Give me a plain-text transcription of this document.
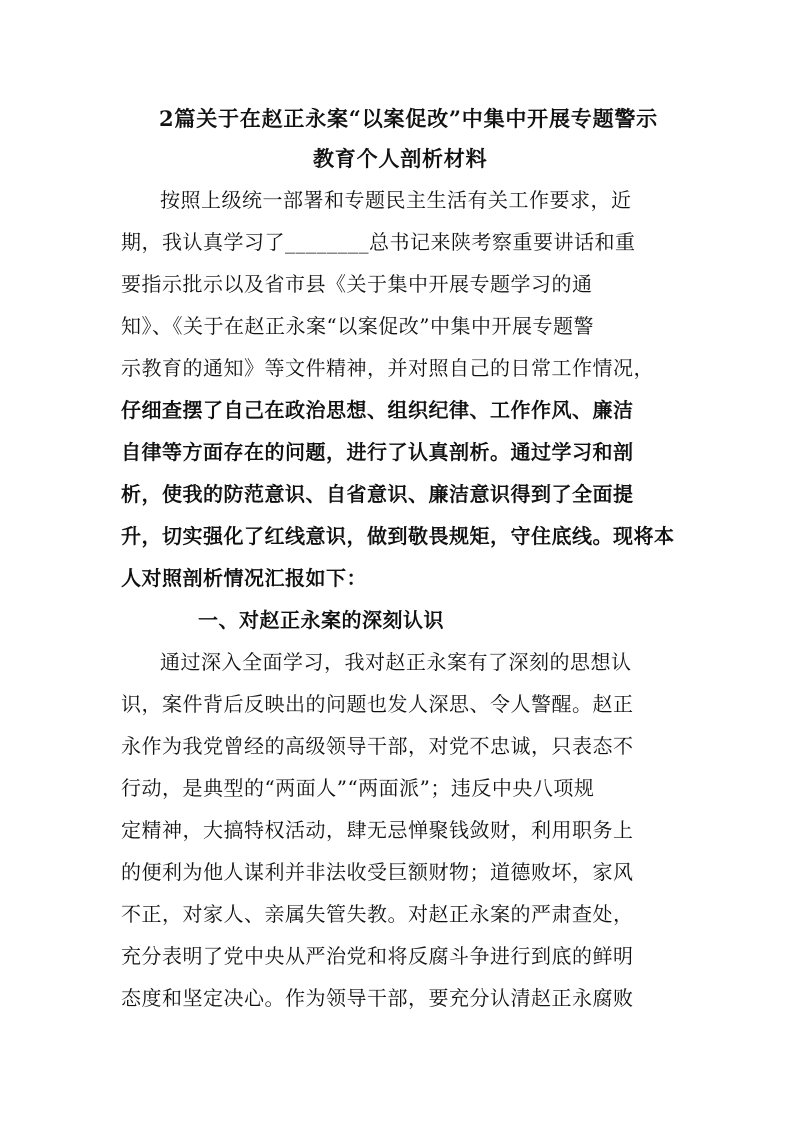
2篇关于在赵正永案“以案促改”中集中开展专题警示
教育个人剖析材料
按照上级统一部署和专题民主生活有关工作要求，近
期，我认真学习了________总书记来陕考察重要讲话和重
要指示批示以及省市县《关于集中开展专题学习的通
知》、《关于在赵正永案“以案促改”中集中开展专题警
示教育的通知》等文件精神，并对照自己的日常工作情况，
仔细查摆了自己在政治思想、组织纪律、工作作风、廉洁
自律等方面存在的问题，进行了认真剖析。通过学习和剖
析，使我的防范意识、自省意识、廉洁意识得到了全面提
升，切实强化了红线意识，做到敬畏规矩，守住底线。现将本
人对照剖析情况汇报如下：
一、对赵正永案的深刻认识
通过深入全面学习，我对赵正永案有了深刻的思想认
识，案件背后反映出的问题也发人深思、令人警醒。赵正
永作为我党曾经的高级领导干部，对党不忠诚，只表态不
行动，是典型的“两面人”“两面派”；违反中央八项规
定精神，大搞特权活动，肆无忌惮聚钱敛财，利用职务上
的便利为他人谋利并非法收受巨额财物；道德败坏，家风
不正，对家人、亲属失管失教。对赵正永案的严肃查处，
充分表明了党中央从严治党和将反腐斗争进行到底的鲜明
态度和坚定决心。作为领导干部，要充分认清赵正永腐败
